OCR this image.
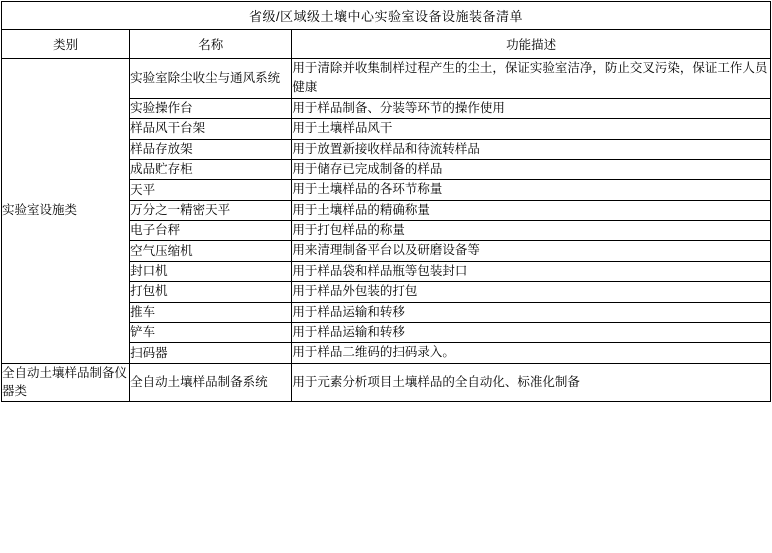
省级/区域级土壤中心实验室设备设施装备清单		
类别	名称	功能描述
实验室设施类	实验室除尘收尘与通风系统	用于清除并收集制样过程产生的尘土，保证实验室洁净，防止交叉污染，保证工作人员健康
	实验操作台	用于样品制备、分装等环节的操作使用
	样品风干台架	用于土壤样品风干
	样品存放架	用于放置新接收样品和待流转样品
	成品贮存柜	用于储存已完成制备的样品
	天平	用于土壤样品的各环节称量
	万分之一精密天平	用于土壤样品的精确称量
	电子台秤	用于打包样品的称量
	空气压缩机	用来清理制备平台以及研磨设备等
	封口机	用于样品袋和样品瓶等包装封口
	打包机	用于样品外包装的打包
	推车	用于样品运输和转移
	铲车	用于样品运输和转移
	扫码器	用于样品二维码的扫码录入。
全自动土壤样品制备仪器类	全自动土壤样品制备系统	用于元素分析项目土壤样品的全自动化、标准化制备
